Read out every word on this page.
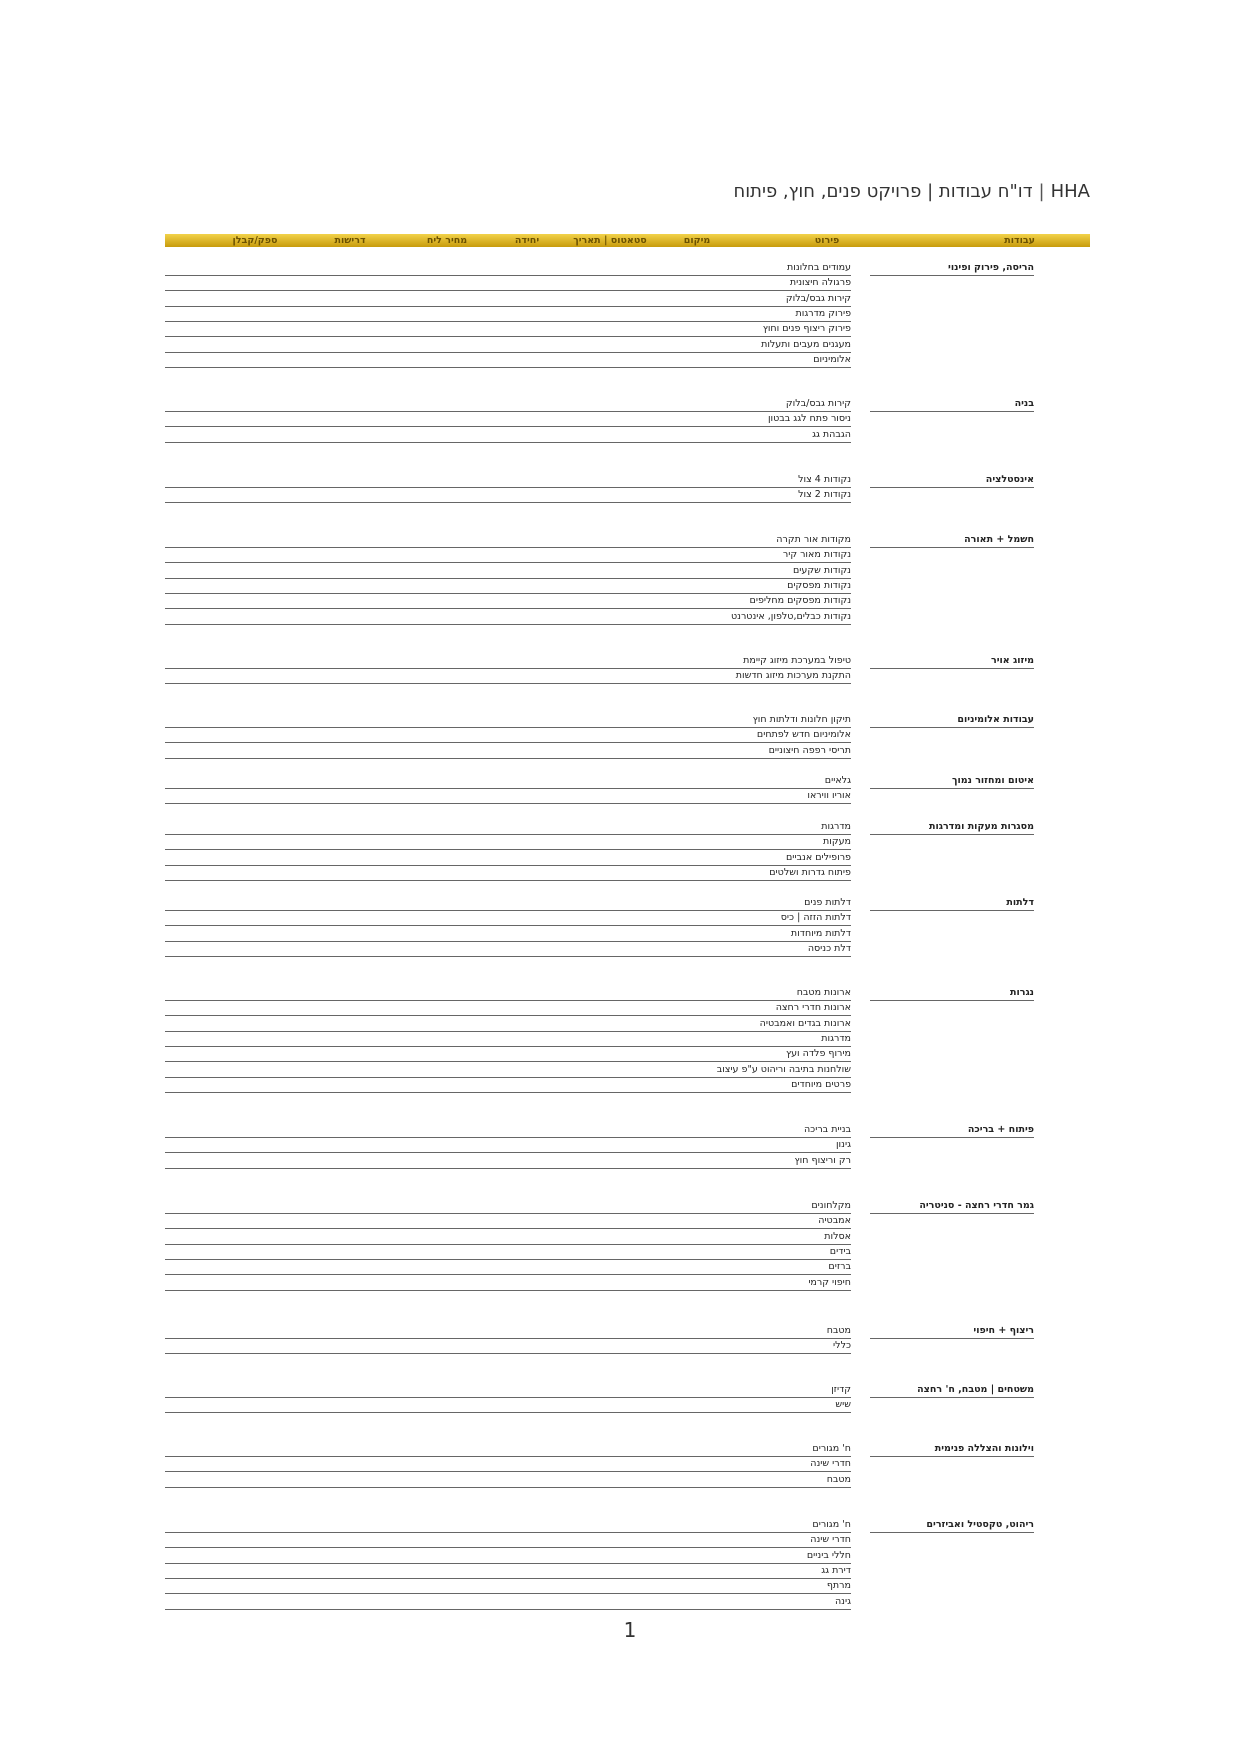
HHA|דו"ח עבודות | פרויקט פנים, חוץ, פיתוח
עבודות
פירוט
מיקום
סטאטוס | תאריך
יחידה
מחיר ליח
דרישות
ספק/קבלן
הריסה, פירוק ופינוי
עמודים בחלונות
פרגולה חיצונית
קירות גבס/בלוק
פירוק מדרגות
פירוק ריצוף פנים וחוץ
מעגנים מעבים ותעלות
אלומיניום
בניה
קירות גבס/בלוק
ניסור פתח לגג בבטון
הגבהת גג
אינסטלציה
נקודות 4 צול
נקודות 2 צול
חשמל + תאורה
מקודות אור תקרה
נקודות מאור קיר
נקודות שקעים
נקודות מפסקים
נקודות מפסקים מחליפים
נקודות כבלים,טלפון, אינטרנט
מיזוג אויר
טיפול במערכת מיזוג קיימת
התקנת מערכות מיזוג חדשות
עבודות אלומיניום
תיקון חלונות ודלתות חוץ
אלומיניום חדש לפתחים
תריסי רפפה חיצוניים
איטום ומחזור נמוך
גלאיים
אוריו וויראו
מסגרות מעקות ומדרגות
מדרגות
מעקות
פרופילים אנביים
פיתוח גדרות ושלטים
דלתות
דלתות פנים
דלתות הזזה | כיס
דלתות מיוחדות
דלת כניסה
נגרות
ארונות מטבח
ארונות חדרי רחצה
ארונות בגדים ואמבטיה
מדרגות
מירוף פלדה ועץ
שולחנות בתיבה וריהוט ע"פ עיצוב
פרטים מיוחדים
פיתוח + בריכה
בניית בריכה
גינון
רק וריצוף חוץ
גמר חדרי רחצה - סניטריה
מקלחונים
אמבטיה
אסלות
בידים
ברזים
חיפוי קרמי
ריצוף + חיפוי
מטבח
כללי
משטחים | מטבח, ח' רחצה
קדיזן
שיש
וילונות והצללה פנימית
ח' מגורים
חדרי שינה
מטבח
ריהוט, טקסטיל ואביזרים
ח' מגורים
חדרי שינה
חללי ביניים
דירת גג
מרתף
גינה
1
